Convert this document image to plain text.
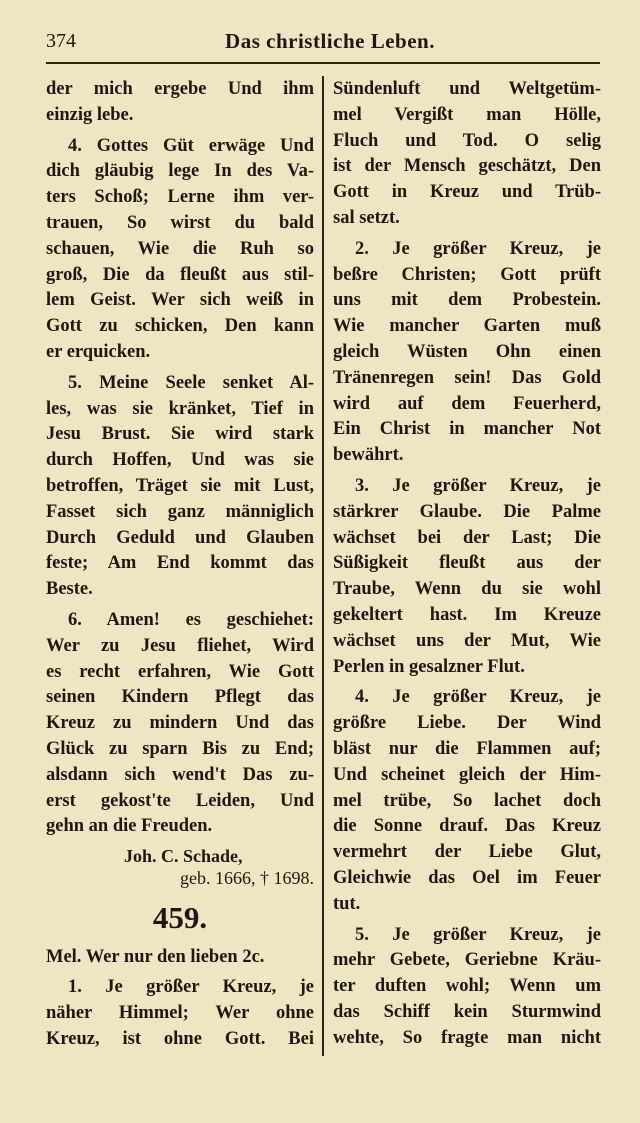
374	Das christliche Leben.
der mich ergebe Und ihm
einzig lebe.
4. Gottes Güt erwäge Und
dich gläubig lege In des Va-
ters Schoß; Lerne ihm ver-
trauen, So wirst du bald
schauen, Wie die Ruh so
groß, Die da fleußt aus stil-
lem Geist. Wer sich weiß in
Gott zu schicken, Den kann
er erquicken.
5. Meine Seele senket Al-
les, was sie kränket, Tief in
Jesu Brust. Sie wird stark
durch Hoffen, Und was sie
betroffen, Träget sie mit Lust,
Fasset sich ganz männiglich
Durch Geduld und Glauben
feste; Am End kommt das
Beste.
6. Amen! es geschiehet:
Wer zu Jesu fliehet, Wird
es recht erfahren, Wie Gott
seinen Kindern Pflegt das
Kreuz zu mindern Und das
Glück zu sparn Bis zu End;
alsdann sich wend't Das zu-
erst gekost'te Leiden, Und
gehn an die Freuden.
Joh. C. Schade,
geb. 1666, † 1698.
459.
Mel. Wer nur den lieben 2c.
1. Je größer Kreuz, je
näher Himmel; Wer ohne
Kreuz, ist ohne Gott. Bei
Sündenluft und Weltgetüm-
mel Vergißt man Hölle,
Fluch und Tod. O selig
ist der Mensch geschätzt, Den
Gott in Kreuz und Trüb-
sal setzt.
2. Je größer Kreuz, je
beßre Christen; Gott prüft
uns mit dem Probestein.
Wie mancher Garten muß
gleich Wüsten Ohn einen
Tränenregen sein! Das Gold
wird auf dem Feuerherd,
Ein Christ in mancher Not
bewährt.
3. Je größer Kreuz, je
stärkrer Glaube. Die Palme
wächset bei der Last; Die
Süßigkeit fleußt aus der
Traube, Wenn du sie wohl
gekeltert hast. Im Kreuze
wächset uns der Mut, Wie
Perlen in gesalzner Flut.
4. Je größer Kreuz, je
größre Liebe. Der Wind
bläst nur die Flammen auf;
Und scheinet gleich der Him-
mel trübe, So lachet doch
die Sonne drauf. Das Kreuz
vermehrt der Liebe Glut,
Gleichwie das Oel im Feuer
tut.
5. Je größer Kreuz, je
mehr Gebete, Geriebne Kräu-
ter duften wohl; Wenn um
das Schiff kein Sturmwind
wehte, So fragte man nicht
